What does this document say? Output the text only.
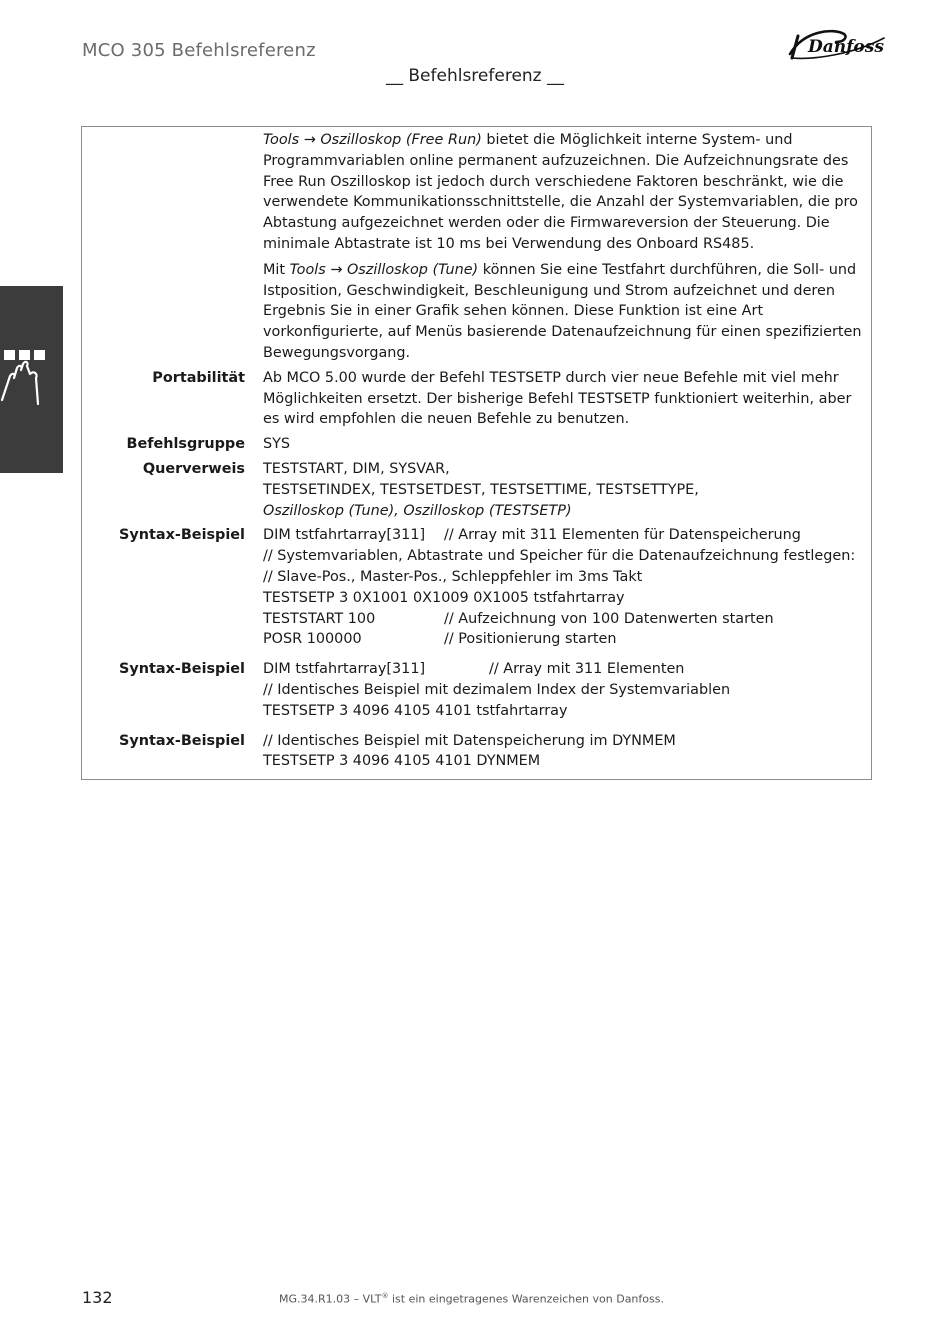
MCO 305 Befehlsreferenz	Danfoss
__ Befehlsreferenz __
Tools → Oszilloskop (Free Run) bietet die Möglichkeit interne System- und Programmvariablen online permanent aufzuzeichnen. Die Aufzeichnungsrate des Free Run Oszilloskop ist jedoch durch verschiedene Faktoren beschränkt, wie die verwendete Kommunikationsschnittstelle, die Anzahl der Systemvariablen, die pro Abtastung aufgezeichnet werden oder die Firmwareversion der Steuerung. Die minimale Abtastrate ist 10 ms bei Verwendung des Onboard RS485.
Mit Tools → Oszilloskop (Tune) können Sie eine Testfahrt durchführen, die Soll- und Istposition, Geschwindigkeit, Beschleunigung und Strom aufzeichnet und deren Ergebnis Sie in einer Grafik sehen können. Diese Funktion ist eine Art vorkonfigurierte, auf Menüs basierende Datenaufzeichnung für einen spezifizierten Bewegungsvorgang.
Portabilität	Ab MCO 5.00 wurde der Befehl TESTSETP durch vier neue Befehle mit viel mehr Möglichkeiten ersetzt. Der bisherige Befehl TESTSETP funktioniert weiterhin, aber es wird empfohlen die neuen Befehle zu benutzen.
Befehlsgruppe	SYS
Querverweis	TESTSTART, DIM, SYSVAR,
TESTSETINDEX, TESTSETDEST, TESTSETTIME, TESTSETTYPE,
Oszilloskop (Tune), Oszilloskop (TESTSETP)
Syntax-Beispiel	DIM tstfahrtarray[311]	// Array mit 311 Elementen für Datenspeicherung
// Systemvariablen, Abtastrate und Speicher für die Datenaufzeichnung festlegen:
// Slave-Pos., Master-Pos., Schleppfehler im 3ms Takt
TESTSETP 3 0X1001 0X1009 0X1005 tstfahrtarray
TESTSTART 100	// Aufzeichnung von 100 Datenwerten starten
POSR 100000	// Positionierung starten
Syntax-Beispiel	DIM tstfahrtarray[311]	// Array mit 311 Elementen
// Identisches Beispiel mit dezimalem Index der Systemvariablen
TESTSETP 3 4096 4105 4101 tstfahrtarray
Syntax-Beispiel	// Identisches Beispiel mit Datenspeicherung im DYNMEM
TESTSETP 3 4096 4105 4101 DYNMEM
132	MG.34.R1.03 – VLT® ist ein eingetragenes Warenzeichen von Danfoss.
